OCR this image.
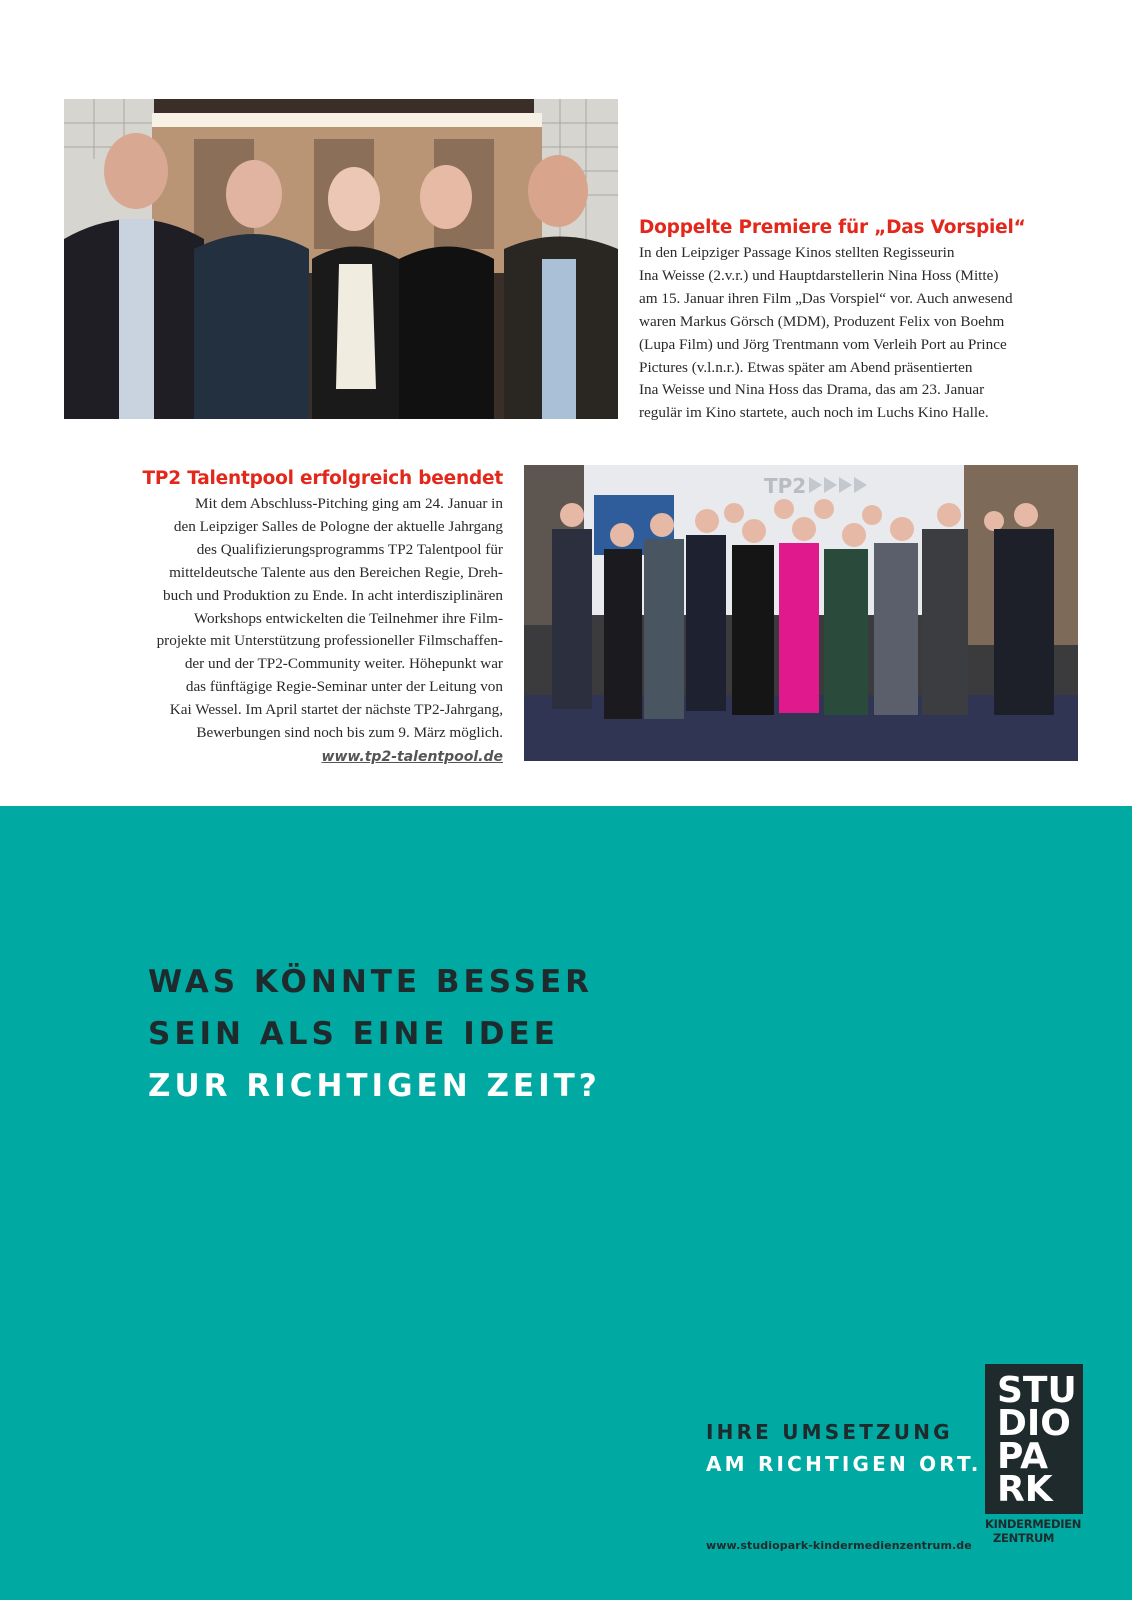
Doppelte Premiere für „Das Vorspiel“
In den Leipziger Passage Kinos stellten Regisseurin
Ina Weisse (2.v.r.) und Hauptdarstellerin Nina Hoss (Mitte)
am 15. Januar ihren Film „Das Vorspiel“ vor. Auch anwesend
waren Markus Görsch (MDM), Produzent Felix von Boehm
(Lupa Film) und Jörg Trentmann vom Verleih Port au Prince
Pictures (v.l.n.r.). Etwas später am Abend präsentierten
Ina Weisse und Nina Hoss das Drama, das am 23. Januar
regulär im Kino startete, auch noch im Luchs Kino Halle.
TP2 Talentpool erfolgreich beendet
Mit dem Abschluss-Pitching ging am 24. Januar in
den Leipziger Salles de Pologne der aktuelle Jahrgang
des Qualifizierungsprogramms TP2 Talentpool für
mitteldeutsche Talente aus den Bereichen Regie, Dreh-
buch und Produktion zu Ende. In acht interdisziplinären
Workshops entwickelten die Teilnehmer ihre Film-
projekte mit Unterstützung professioneller Filmschaffen-
der und der TP2-Community weiter. Höhepunkt war
das fünftägige Regie-Seminar unter der Leitung von
Kai Wessel. Im April startet der nächste TP2-Jahrgang,
Bewerbungen sind noch bis zum 9. März möglich.
www.tp2-talentpool.de
TP2
WAS KÖNNTE BESSER
SEIN ALS EINE IDEE
ZUR RICHTIGEN ZEIT?
IHRE UMSETZUNG
AM RICHTIGEN ORT.
www.studiopark-kindermedienzentrum.de
STU
DIO
PA
RK
KINDERMEDIEN
ZENTRUM
